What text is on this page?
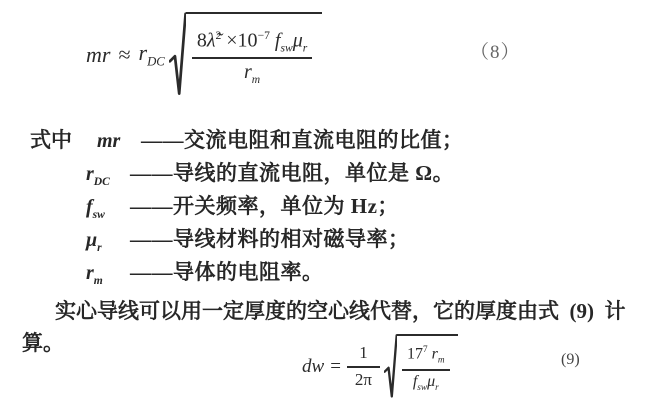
mr ≈ $r_{DC} \frac{8\lambdã^2 \times 10^{-7} f_{sw}\mu_r}{r_m}$	（8）
式中 mr ——交流电阻和直流电阻的比值；
$r_{DC}$ ——导线的直流电阻，单位是 Ω。
$f_{sw}$	——开关频率，单位为 Hz；
$\mu_r$	——导线材料的相对磁导率；
$r_m$	——导体的电阻率。

实心导线可以用一定厚度的空心线代替，它的厚度由式  (9)  计算。

dw = $\frac{1}{2\pi} \frac{17^7 r_m}{f_{sw}\mu_r}$	(9)
